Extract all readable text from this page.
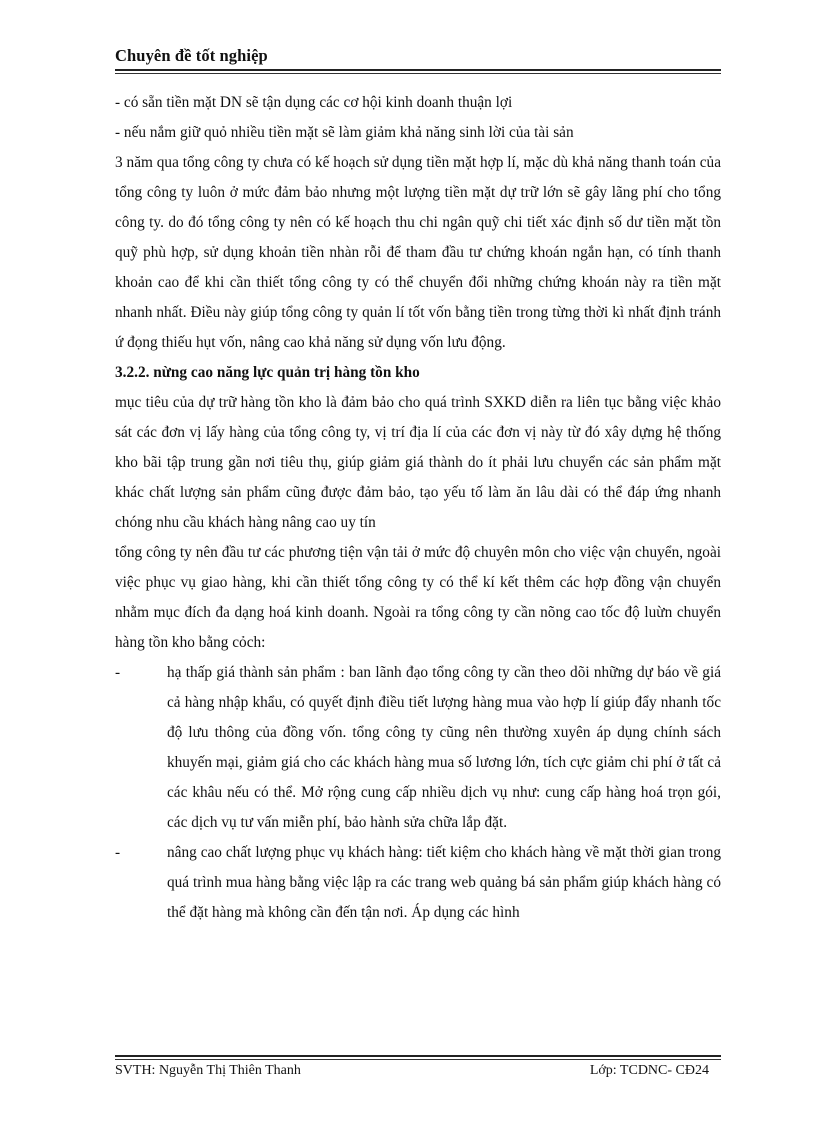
Chuyên đề tốt nghiệp

- có sẵn tiền mặt DN sẽ tận dụng các cơ hội kinh doanh thuận lợi

- nếu nắm giữ quỏ nhiều tiền mặt sẽ làm giảm khả năng sinh lời của tài sản

3 năm qua tổng công ty chưa có kế hoạch sử dụng tiền mặt hợp lí, mặc dù khả năng thanh toán của tổng công ty luôn ở mức đảm bảo nhưng một lượng tiền mặt dự trữ lớn sẽ gây lãng phí cho tổng công ty. do đó tổng công ty nên có kế hoạch thu chi ngân quỹ chi tiết xác định số dư tiền mặt tồn quỹ phù hợp, sử dụng khoản tiền nhàn rỗi để tham đầu tư chứng khoán ngắn hạn, có tính thanh khoản cao để khi cần thiết tổng công ty có thể chuyển đổi những chứng khoán này ra tiền mặt nhanh nhất. Điều này giúp tổng công ty quản lí tốt vốn bằng tiền trong từng thời kì nhất định tránh ứ đọng thiếu hụt vốn, nâng cao khả năng sử dụng vốn lưu động.

3.2.2. nừng cao năng lực quản trị hàng tồn kho

mục tiêu của dự trữ hàng tồn kho là đảm bảo cho quá trình SXKD diễn ra liên tục bằng việc khảo sát các đơn vị lấy hàng của tổng công ty, vị trí địa lí của các đơn vị này từ đó xây dựng hệ thống kho bãi tập trung gần nơi tiêu thụ, giúp giảm giá thành do ít phải lưu chuyển các sản phẩm mặt khác chất lượng sản phẩm cũng được đảm bảo, tạo yếu tố làm ăn lâu dài có thể đáp ứng nhanh chóng nhu cầu khách hàng nâng cao uy tín

tổng công ty nên đầu tư các phương tiện vận tải ở mức độ chuyên môn cho việc vận chuyển, ngoài việc phục vụ giao hàng, khi cần thiết tổng công ty có thể kí kết thêm các hợp đồng vận chuyển nhằm mục đích đa dạng hoá kinh doanh. Ngoài ra tổng công ty cần nõng cao tốc độ luừn chuyển hàng tồn kho bằng cỏch:

-	hạ thấp giá thành sản phẩm : ban lãnh đạo tổng công ty cần theo dõi những dự báo về giá cả hàng nhập khẩu, có quyết định điều tiết lượng hàng mua vào hợp lí giúp đẩy nhanh tốc độ lưu thông của đồng vốn. tổng công ty cũng nên thường xuyên áp dụng chính sách khuyến mại, giảm giá cho các khách hàng mua số lương lớn, tích cực giảm chi phí ở tất cả các khâu nếu có thể. Mở rộng cung cấp nhiều dịch vụ như: cung cấp hàng hoá trọn gói, các dịch vụ tư vấn miễn phí, bảo hành sửa chữa lắp đặt.
-	nâng cao chất lượng phục vụ khách hàng: tiết kiệm cho khách hàng về mặt thời gian trong quá trình mua hàng bằng việc lập ra các trang web quảng bá sản phẩm giúp khách hàng có thể đặt hàng mà không cần đến tận nơi. Áp dụng các hình
SVTH: Nguyễn Thị Thiên Thanh	Lớp: TCDNC- CĐ24
